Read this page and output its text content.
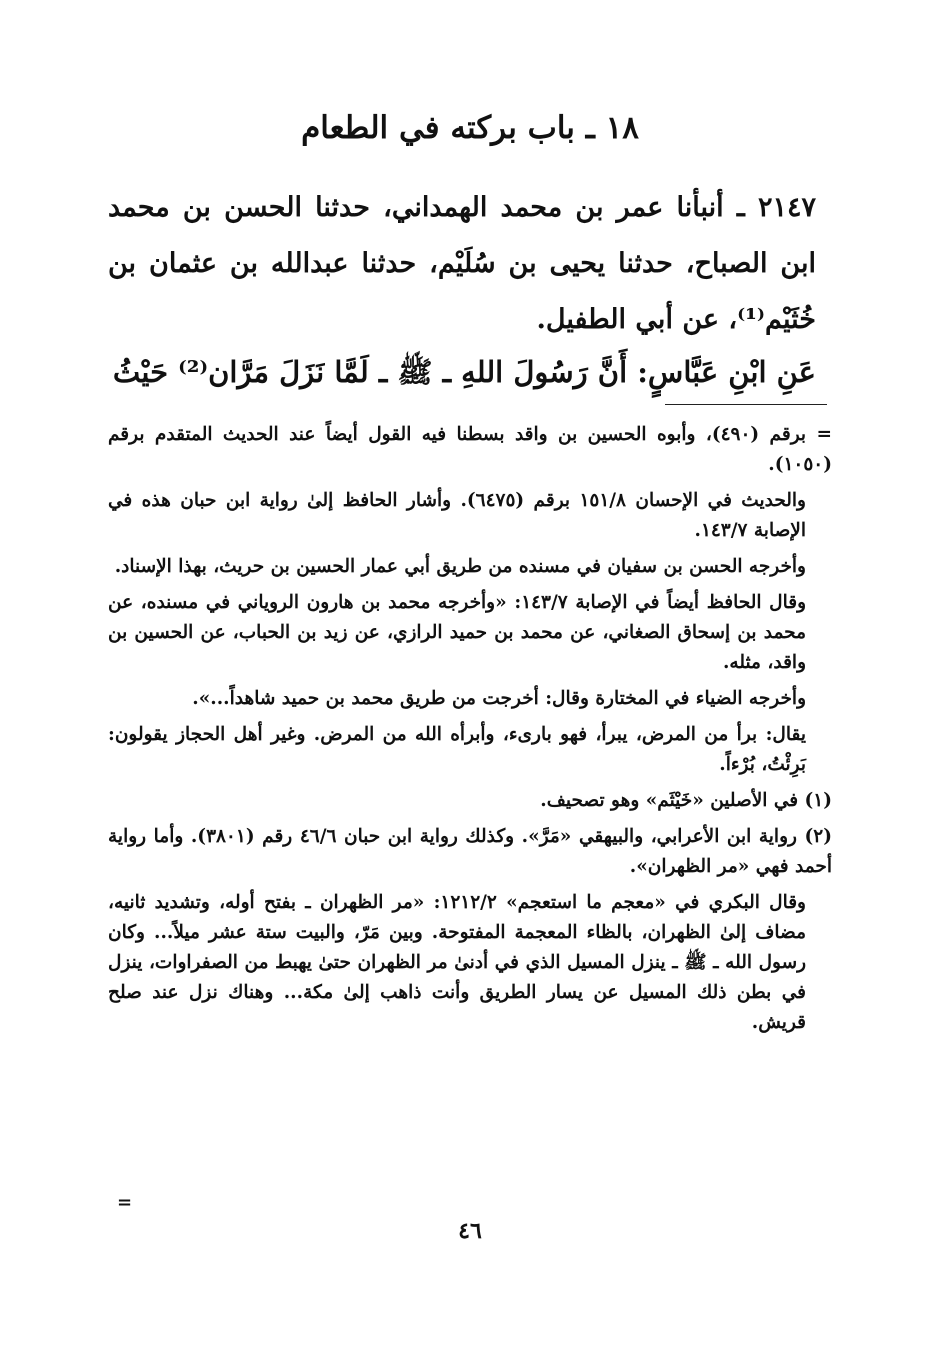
١٨ ـ باب بركته في الطعام

٢١٤٧ ـ أنبأنا عمر بن محمد الهمداني، حدثنا الحسن بن محمد ابن الصباح، حدثنا يحيى بن سُلَيْم، حدثنا عبدالله بن عثمان بن خُثَيْم⁽¹⁾، عن أبي الطفيل.

عَنِ ابْنِ عَبَّاسٍ: أَنَّ رَسُولَ اللهِ ـ ﷺ ـ لَمَّا نَزَلَ مَرَّان⁽²⁾ حَيْثُ

= برقم (٤٩٠)، وأبوه الحسين بن واقد بسطنا فيه القول أيضاً عند الحديث المتقدم برقم (١٠٥٠).

والحديث في الإحسان ١٥١/٨ برقم (٦٤٧٥). وأشار الحافظ إلىٰ رواية ابن حبان هذه في الإصابة ١٤٣/٧.

وأخرجه الحسن بن سفيان في مسنده من طريق أبي عمار الحسين بن حريث، بهذا الإسناد.

وقال الحافظ أيضاً في الإصابة ١٤٣/٧: «وأخرجه محمد بن هارون الروياني في مسنده، عن محمد بن إسحاق الصغاني، عن محمد بن حميد الرازي، عن زيد بن الحباب، عن الحسين بن واقد، مثله.

وأخرجه الضياء في المختارة وقال: أخرجت من طريق محمد بن حميد شاهداً...».

يقال: برأ من المرض، يبرأ، فهو بارىء، وأبرأه الله من المرض. وغير أهل الحجاز يقولون: بَرِئْتُ، بُرْءاً.

(١) في الأصلين «خَيْثَم» وهو تصحيف.

(٢) رواية ابن الأعرابي، والبيهقي «مَرَّ». وكذلك رواية ابن حبان ٤٦/٦ رقم (٣٨٠١). وأما رواية أحمد فهي «مر الظهران».

وقال البكري في «معجم ما استعجم» ١٢١٢/٢: «مر الظهران ـ بفتح أوله، وتشديد ثانيه، مضاف إلىٰ الظهران، بالظاء المعجمة المفتوحة. وبين مَرّ، والبيت ستة عشر ميلاً... وكان رسول الله ـ ﷺ ـ ينزل المسيل الذي في أدنىٰ مر الظهران حتىٰ يهبط من الصفراوات، ينزل في بطن ذلك المسيل عن يسار الطريق وأنت ذاهب إلىٰ مكة... وهناك نزل عند صلح قريش.

=
٤٦
